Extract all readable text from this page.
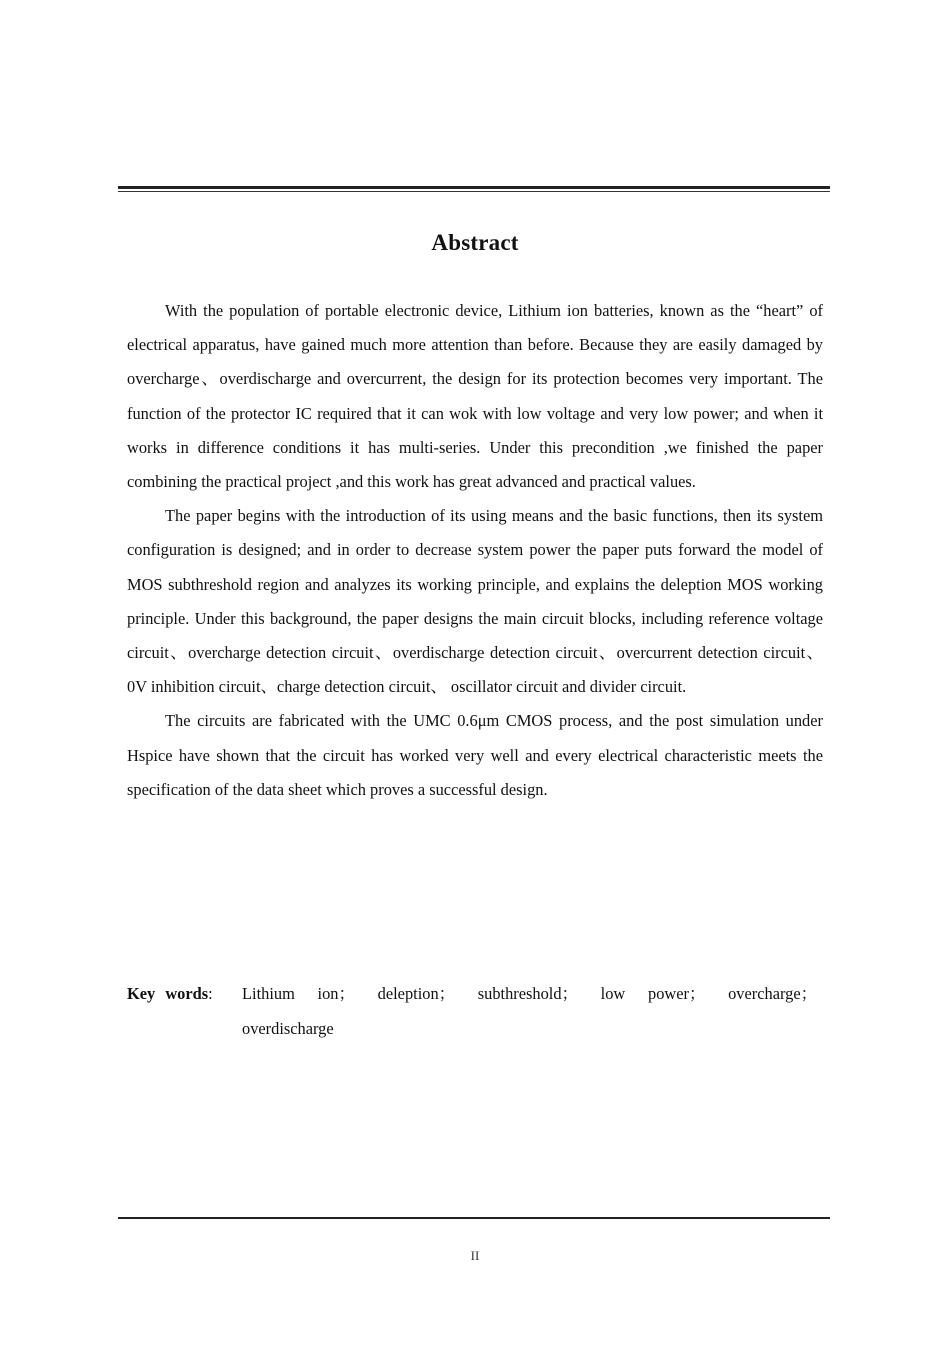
Abstract

With the population of portable electronic device, Lithium ion batteries, known as the “heart” of electrical apparatus, have gained much more attention than before. Because they are easily damaged by overcharge、overdischarge and overcurrent, the design for its protection becomes very important. The function of the protector IC required that it can wok with low voltage and very low power; and when it works in difference conditions it has multi-series. Under this precondition ,we finished the paper combining the practical project ,and this work has great advanced and practical values.

The paper begins with the introduction of its using means and the basic functions, then its system configuration is designed; and in order to decrease system power the paper puts forward the model of MOS subthreshold region and analyzes its working principle, and explains the deleption MOS working principle. Under this background, the paper designs the main circuit blocks, including reference voltage circuit、overcharge detection circuit、overdischarge detection circuit、overcurrent detection circuit、0V inhibition circuit、charge detection circuit、 oscillator circuit and divider circuit.

The circuits are fabricated with the UMC 0.6μm CMOS process, and the post simulation under Hspice have shown that the circuit has worked very well and every electrical characteristic meets the specification of the data sheet which proves a successful design.

Key words: Lithium ion； deleption； subthreshold； low power； overcharge； overdischarge
II
